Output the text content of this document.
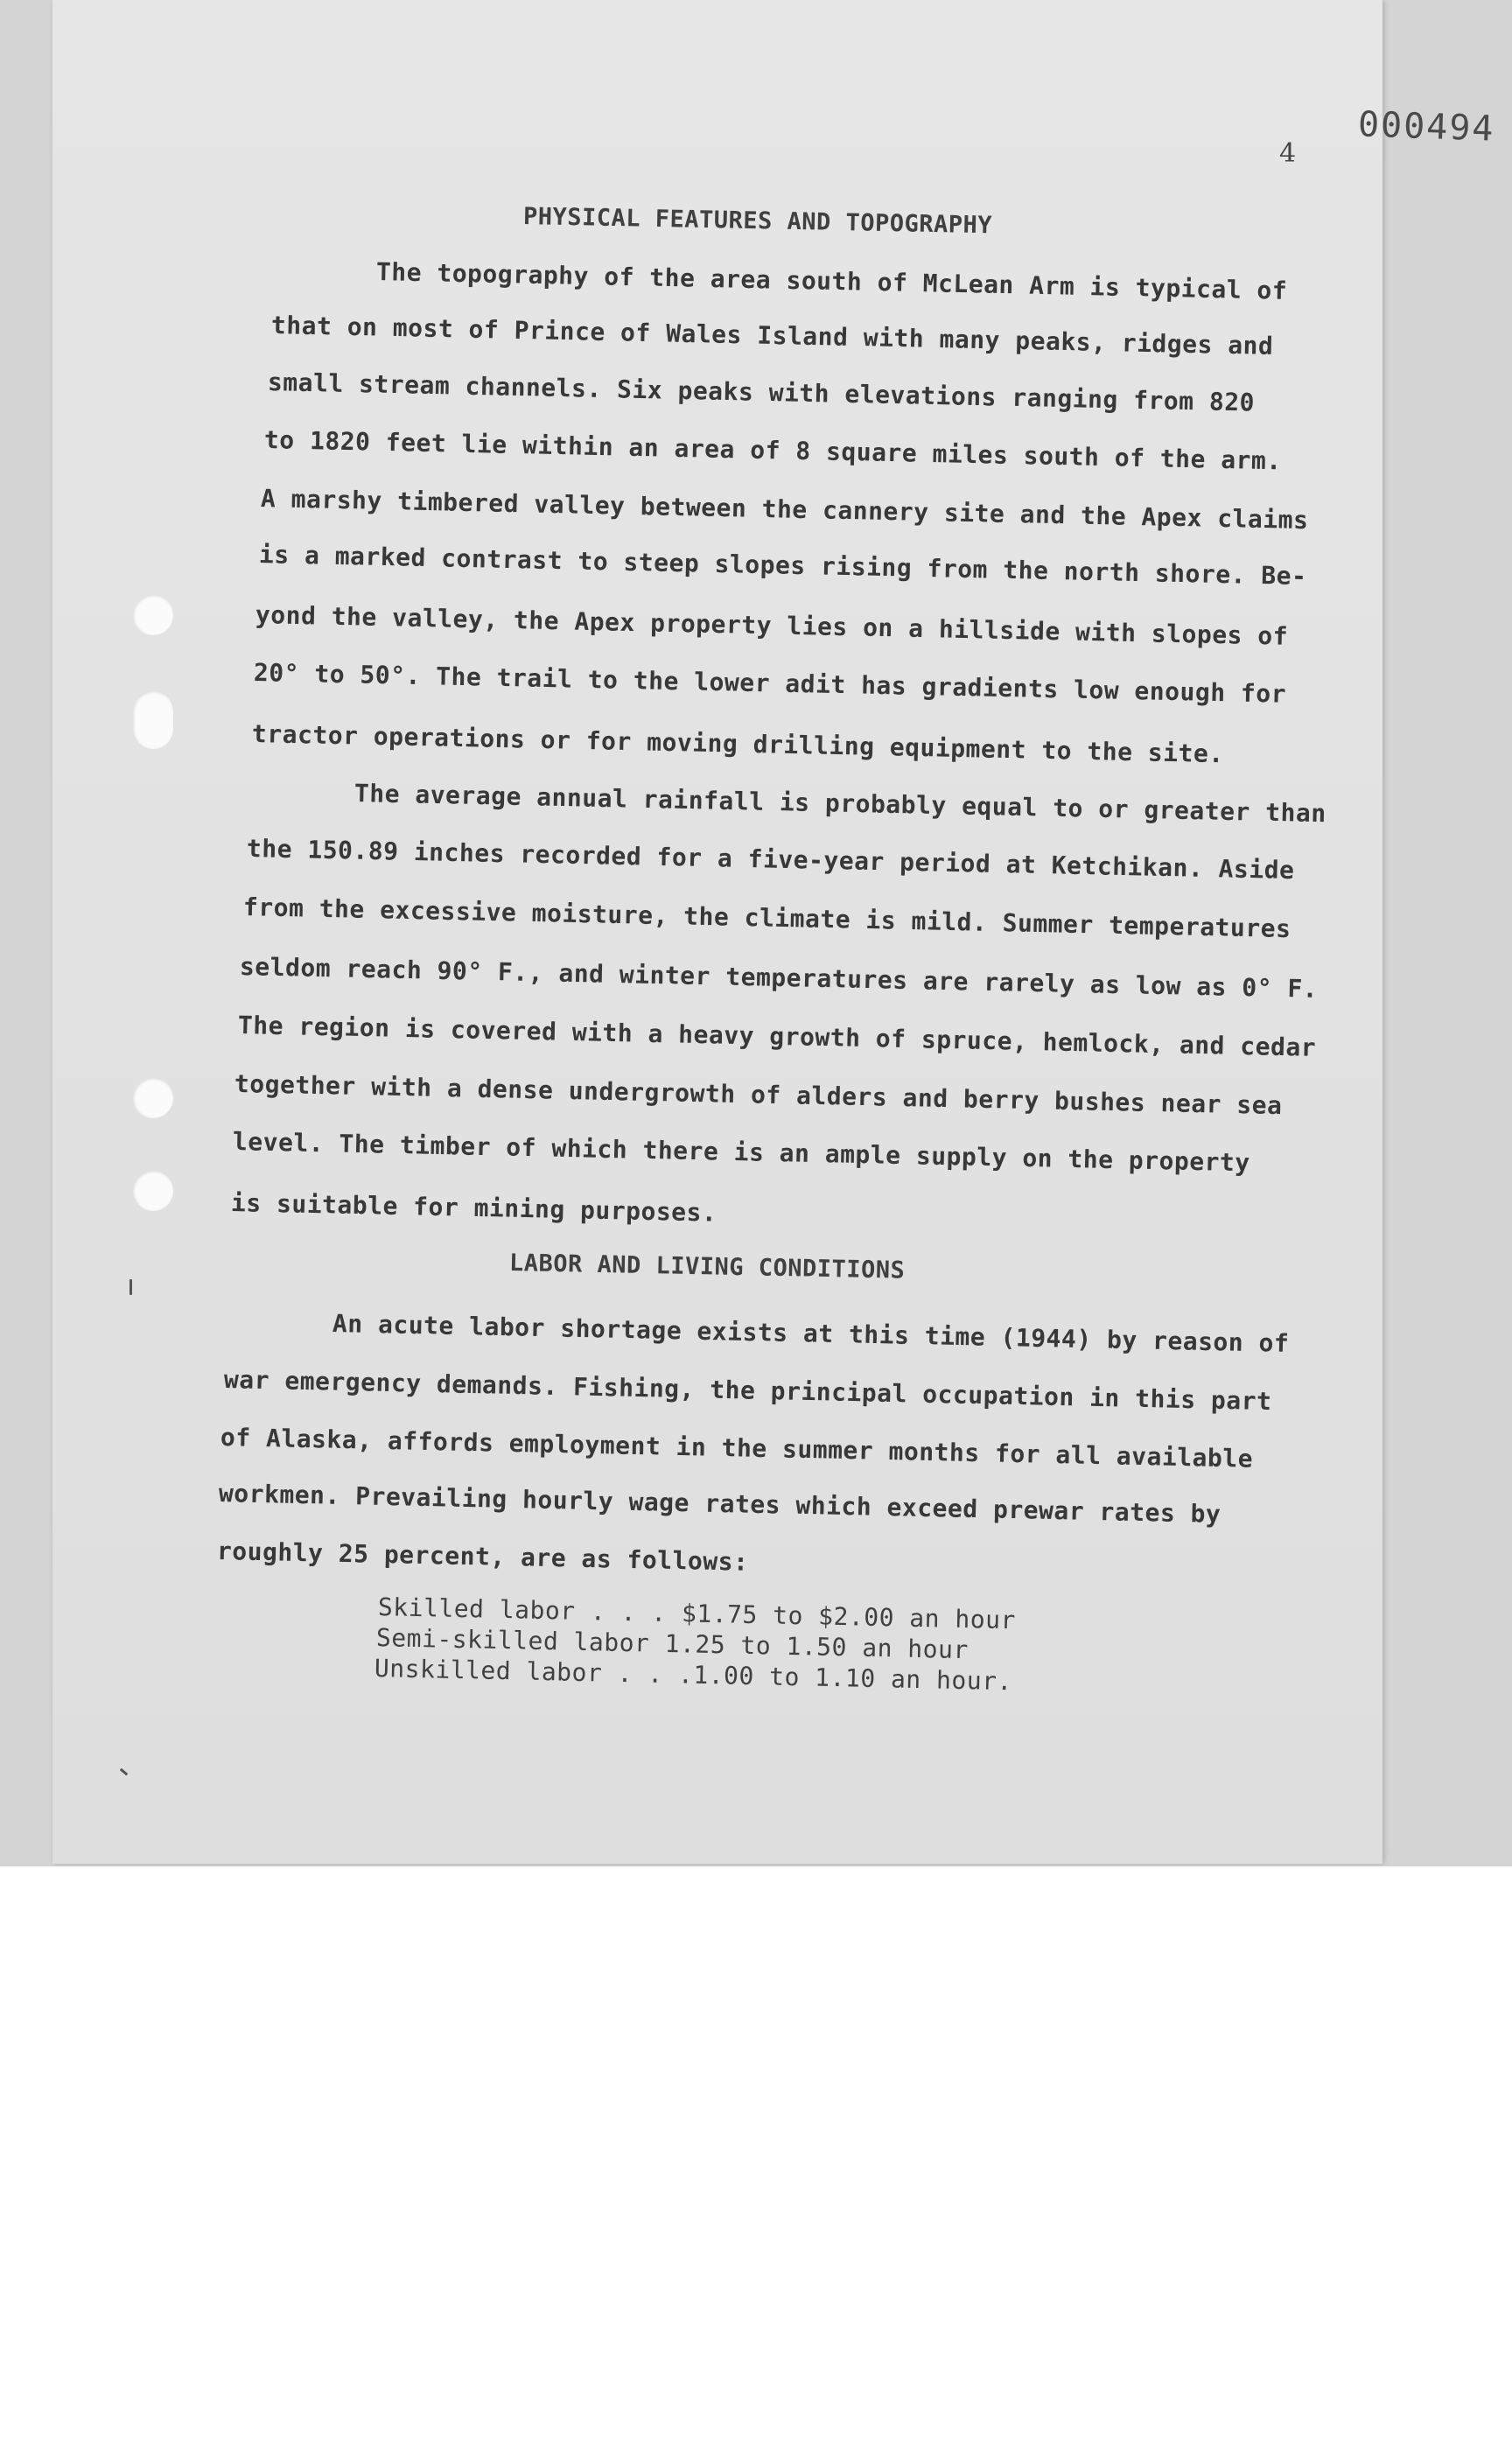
000494
4
PHYSICAL FEATURES AND TOPOGRAPHY
The topography of the area south of McLean Arm is typical of
that on most of Prince of Wales Island with many peaks, ridges and
small stream channels. Six peaks with elevations ranging from 820
to 1820 feet lie within an area of 8 square miles south of the arm.
A marshy timbered valley between the cannery site and the Apex claims
is a marked contrast to steep slopes rising from the north shore. Be-
yond the valley, the Apex property lies on a hillside with slopes of
20° to 50°. The trail to the lower adit has gradients low enough for
tractor operations or for moving drilling equipment to the site.
The average annual rainfall is probably equal to or greater than
the 150.89 inches recorded for a five-year period at Ketchikan. Aside
from the excessive moisture, the climate is mild. Summer temperatures
seldom reach 90° F., and winter temperatures are rarely as low as 0° F.
The region is covered with a heavy growth of spruce, hemlock, and cedar
together with a dense undergrowth of alders and berry bushes near sea
level. The timber of which there is an ample supply on the property
is suitable for mining purposes.
LABOR AND LIVING CONDITIONS
An acute labor shortage exists at this time (1944) by reason of
war emergency demands. Fishing, the principal occupation in this part
of Alaska, affords employment in the summer months for all available
workmen. Prevailing hourly wage rates which exceed prewar rates by
roughly 25 percent, are as follows:
Skilled labor . . . $1.75 to $2.00 an hour
Semi-skilled labor 1.25 to 1.50 an hour
Unskilled labor . . .1.00 to 1.10 an hour.
